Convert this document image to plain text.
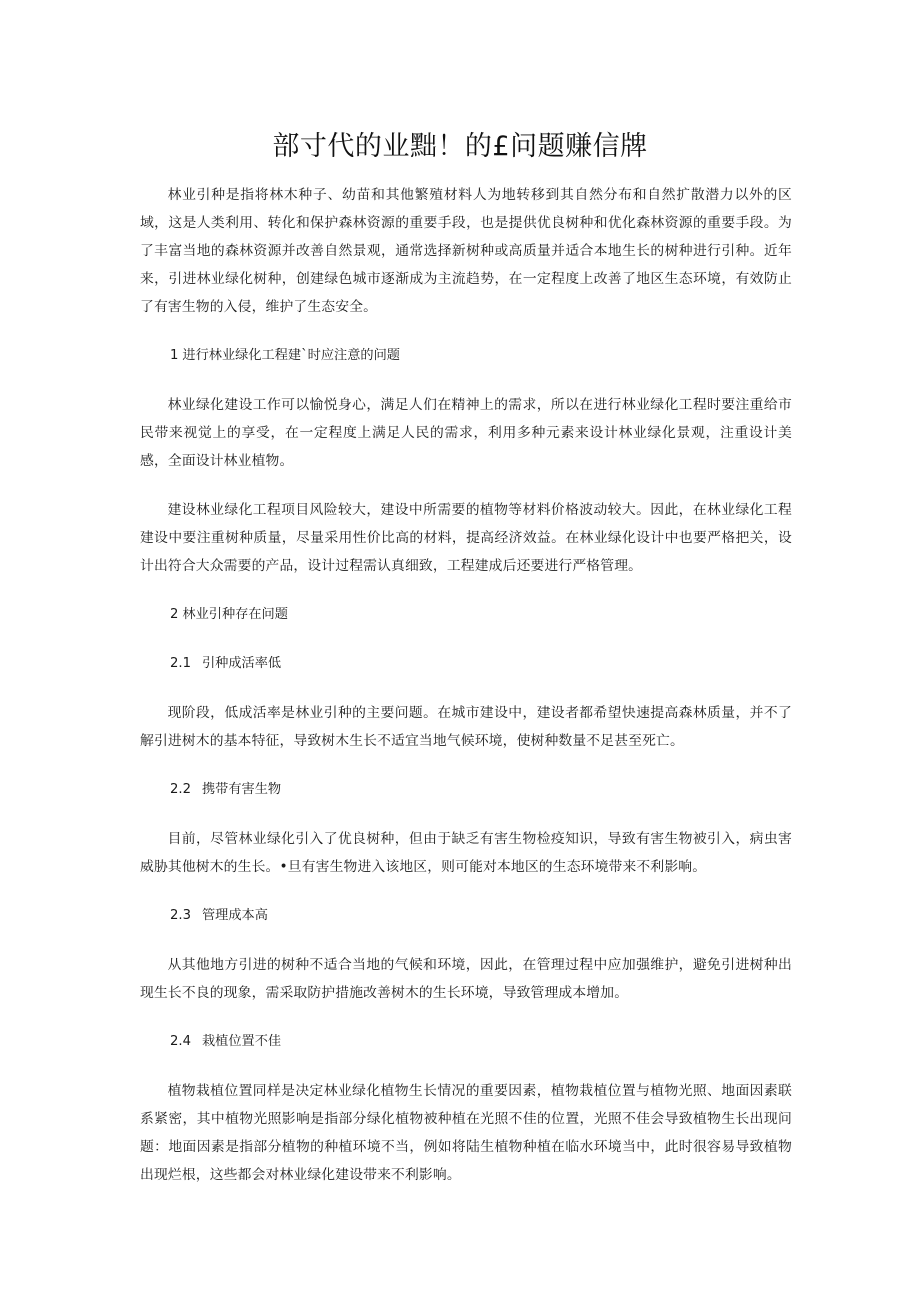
部寸代的业黜！的£问题赚信牌

林业引种是指将林木种子、幼苗和其他繁殖材料人为地转移到其自然分布和自然扩散潜力以外的区域，这是人类利用、转化和保护森林资源的重要手段，也是提供优良树种和优化森林资源的重要手段。为了丰富当地的森林资源并改善自然景观，通常选择新树种或高质量并适合本地生长的树种进行引种。近年来，引进林业绿化树种，创建绿色城市逐渐成为主流趋势，在一定程度上改善了地区生态环境，有效防止了有害生物的入侵，维护了生态安全。

1 进行林业绿化工程建`时应注意的问题

林业绿化建设工作可以愉悦身心，满足人们在精神上的需求，所以在进行林业绿化工程时要注重给市民带来视觉上的享受，在一定程度上满足人民的需求，利用多种元素来设计林业绿化景观，注重设计美感，全面设计林业植物。

建设林业绿化工程项目风险较大，建设中所需要的植物等材料价格波动较大。因此，在林业绿化工程建设中要注重树种质量，尽量采用性价比高的材料，提高经济效益。在林业绿化设计中也要严格把关，设计出符合大众需要的产品，设计过程需认真细致，工程建成后还要进行严格管理。

2 林业引种存在问题

2.1 引种成活率低

现阶段，低成活率是林业引种的主要问题。在城市建设中，建设者都希望快速提高森林质量，并不了解引进树木的基本特征，导致树木生长不适宜当地气候环境，使树种数量不足甚至死亡。

2.2 携带有害生物

目前，尽管林业绿化引入了优良树种，但由于缺乏有害生物检疫知识，导致有害生物被引入，病虫害威胁其他树木的生长。•旦有害生物进入该地区，则可能对本地区的生态环境带来不利影响。

2.3 管理成本高

从其他地方引进的树种不适合当地的气候和环境，因此，在管理过程中应加强维护，避免引进树种出现生长不良的现象，需采取防护措施改善树木的生长环境，导致管理成本增加。

2.4 栽植位置不佳

植物栽植位置同样是决定林业绿化植物生长情况的重要因素，植物栽植位置与植物光照、地面因素联系紧密，其中植物光照影响是指部分绿化植物被种植在光照不佳的位置，光照不佳会导致植物生长出现问题：地面因素是指部分植物的种植环境不当，例如将陆生植物种植在临水环境当中，此时很容易导致植物出现烂根，这些都会对林业绿化建设带来不利影响。
